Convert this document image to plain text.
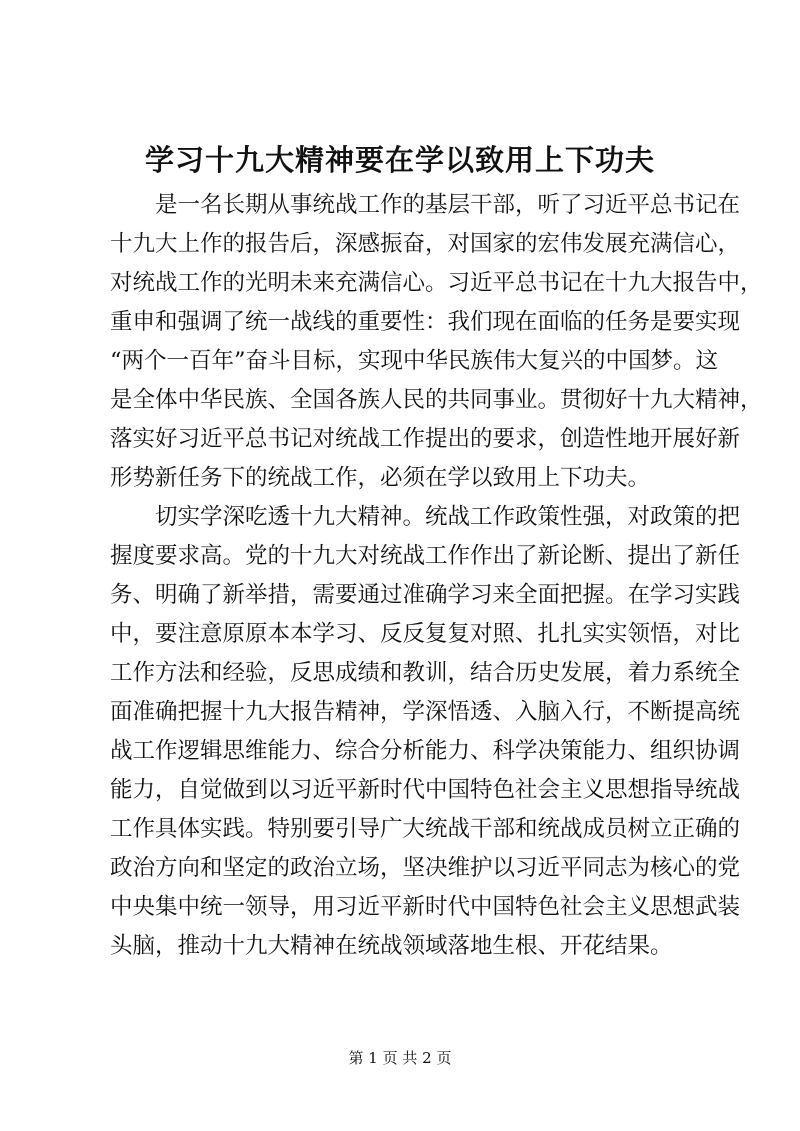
学习十九大精神要在学以致用上下功夫
是一名长期从事统战工作的基层干部，听了习近平总书记在
十九大上作的报告后，深感振奋，对国家的宏伟发展充满信心，
对统战工作的光明未来充满信心。习近平总书记在十九大报告中，
重申和强调了统一战线的重要性：我们现在面临的任务是要实现
“两个一百年”奋斗目标，实现中华民族伟大复兴的中国梦。这
是全体中华民族、全国各族人民的共同事业。贯彻好十九大精神，
落实好习近平总书记对统战工作提出的要求，创造性地开展好新
形势新任务下的统战工作，必须在学以致用上下功夫。
切实学深吃透十九大精神。统战工作政策性强，对政策的把
握度要求高。党的十九大对统战工作作出了新论断、提出了新任
务、明确了新举措，需要通过准确学习来全面把握。在学习实践
中，要注意原原本本学习、反反复复对照、扎扎实实领悟，对比
工作方法和经验，反思成绩和教训，结合历史发展，着力系统全
面准确把握十九大报告精神，学深悟透、入脑入行，不断提高统
战工作逻辑思维能力、综合分析能力、科学决策能力、组织协调
能力，自觉做到以习近平新时代中国特色社会主义思想指导统战
工作具体实践。特别要引导广大统战干部和统战成员树立正确的
政治方向和坚定的政治立场，坚决维护以习近平同志为核心的党
中央集中统一领导，用习近平新时代中国特色社会主义思想武装
头脑，推动十九大精神在统战领域落地生根、开花结果。
第 1 页 共 2 页
